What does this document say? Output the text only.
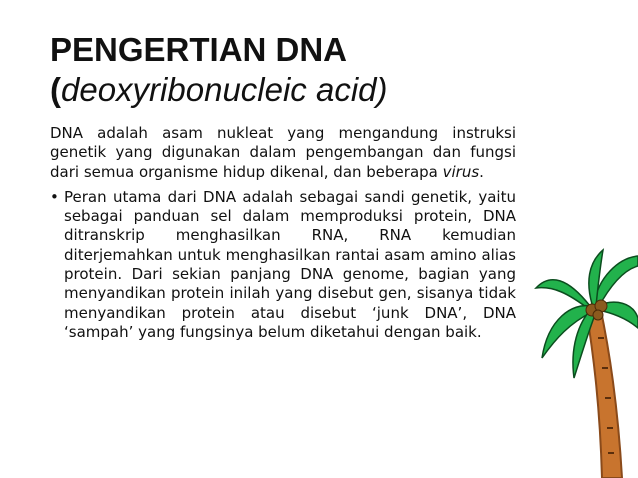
PENGERTIAN DNA
(deoxyribonucleic acid)

DNA adalah asam nukleat yang mengandung instruksi genetik yang digunakan dalam pengembangan dan fungsi dari semua organisme hidup dikenal, dan beberapa virus.

• Peran utama dari DNA adalah sebagai sandi genetik, yaitu sebagai panduan sel dalam memproduksi protein, DNA ditranskrip menghasilkan RNA, RNA kemudian diterjemahkan untuk menghasilkan rantai asam amino alias protein. Dari sekian panjang DNA genome, bagian yang menyandikan protein inilah yang disebut gen, sisanya tidak menyandikan protein atau disebut ‘junk DNA’, DNA ‘sampah’ yang fungsinya belum diketahui dengan baik.
